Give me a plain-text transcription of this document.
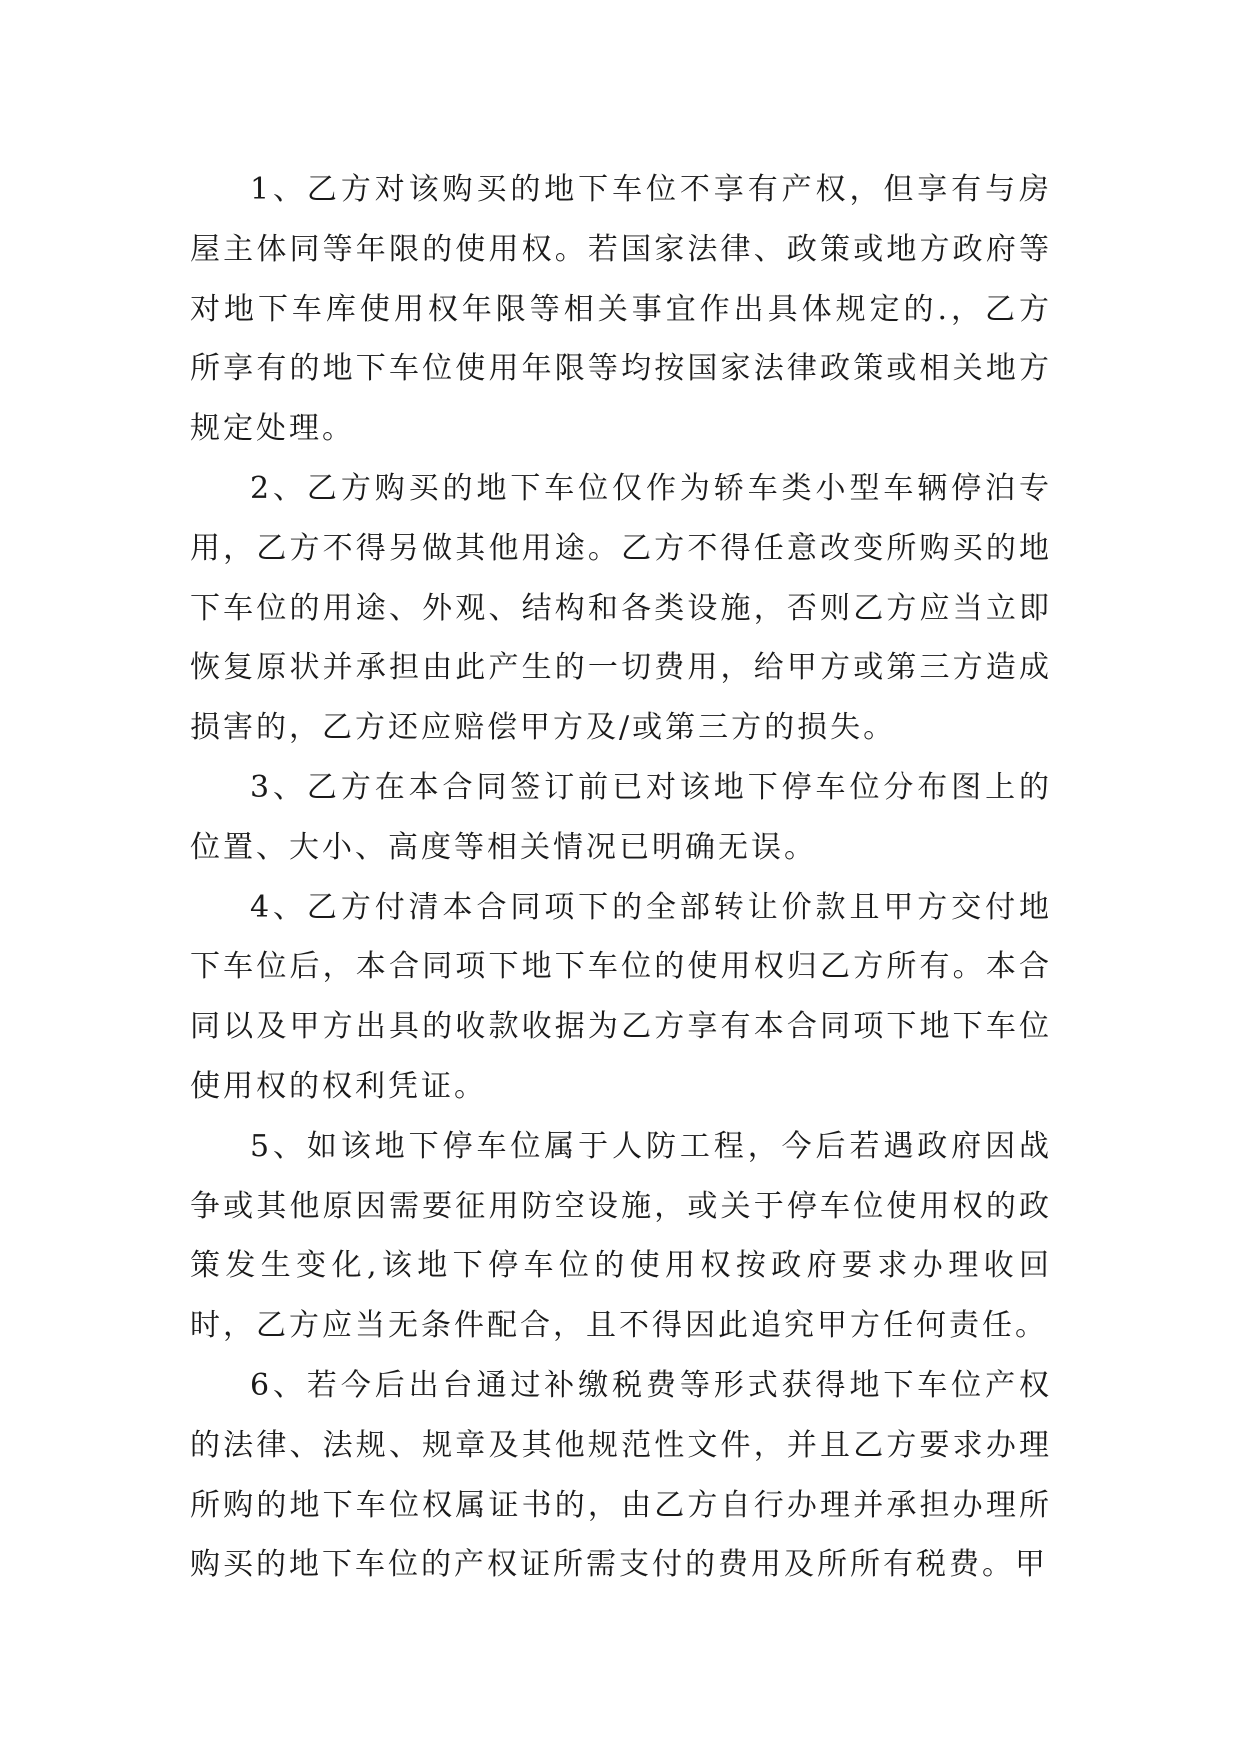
1、乙方对该购买的地下车位不享有产权，但享有与房屋主体同等年限的使用权。若国家法律、政策或地方政府等对地下车库使用权年限等相关事宜作出具体规定的.，乙方所享有的地下车位使用年限等均按国家法律政策或相关地方规定处理。

2、乙方购买的地下车位仅作为轿车类小型车辆停泊专用，乙方不得另做其他用途。乙方不得任意改变所购买的地下车位的用途、外观、结构和各类设施，否则乙方应当立即恢复原状并承担由此产生的一切费用，给甲方或第三方造成损害的，乙方还应赔偿甲方及/或第三方的损失。

3、乙方在本合同签订前已对该地下停车位分布图上的位置、大小、高度等相关情况已明确无误。

4、乙方付清本合同项下的全部转让价款且甲方交付地下车位后，本合同项下地下车位的使用权归乙方所有。本合同以及甲方出具的收款收据为乙方享有本合同项下地下车位使用权的权利凭证。

5、如该地下停车位属于人防工程，今后若遇政府因战争或其他原因需要征用防空设施，或关于停车位使用权的政策发生变化,该地下停车位的使用权按政府要求办理收回时，乙方应当无条件配合，且不得因此追究甲方任何责任。

6、若今后出台通过补缴税费等形式获得地下车位产权的法律、法规、规章及其他规范性文件，并且乙方要求办理所购的地下车位权属证书的，由乙方自行办理并承担办理所购买的地下车位的产权证所需支付的费用及所所有税费。甲
